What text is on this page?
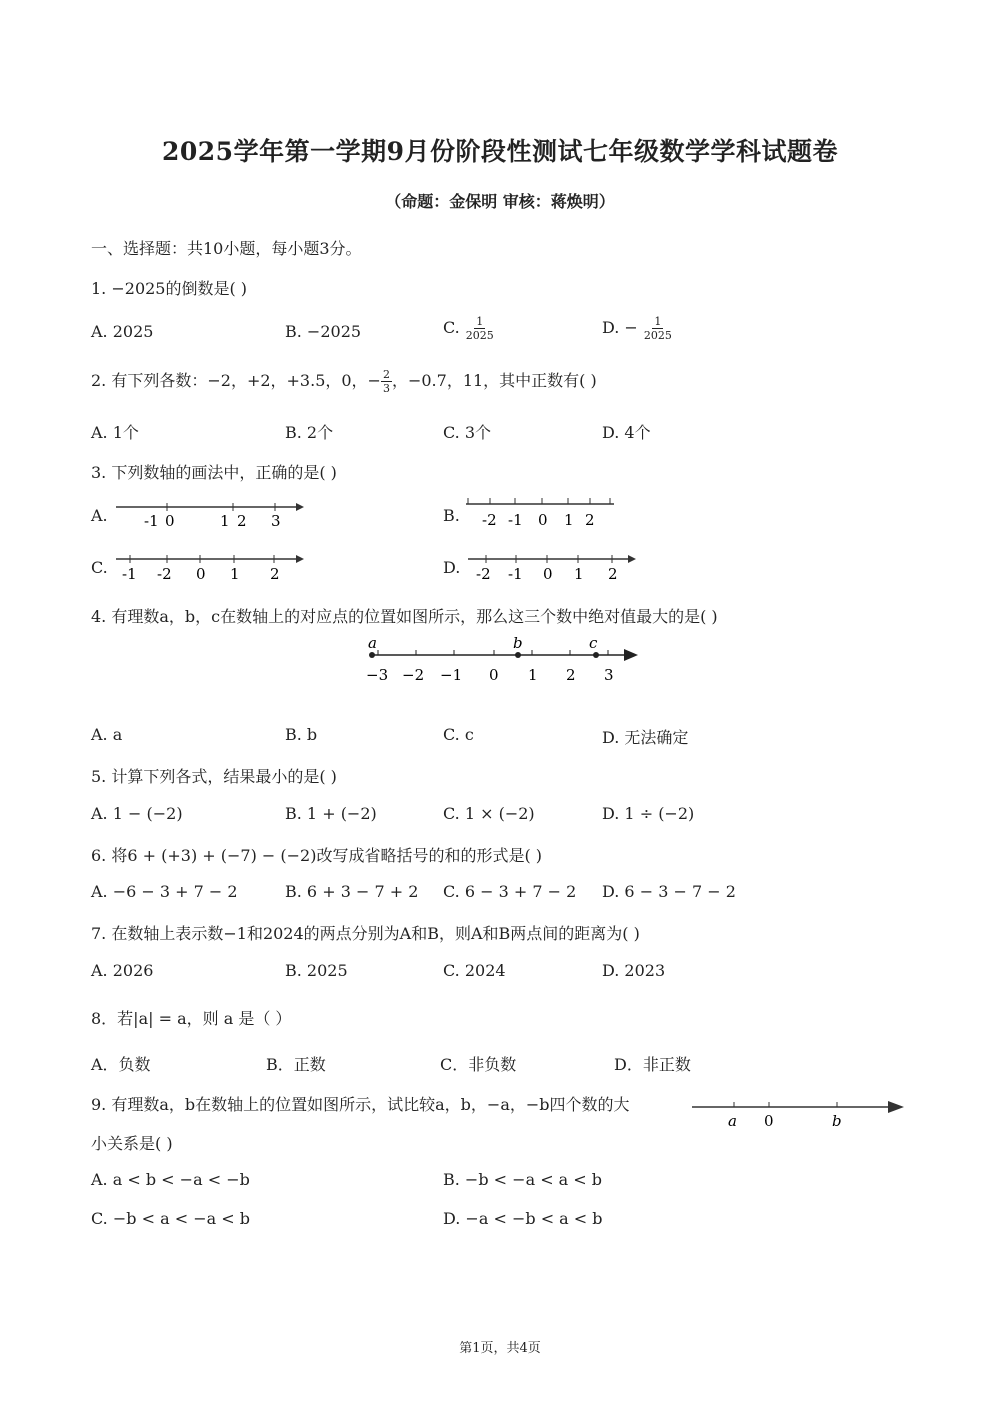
2025学年第一学期9月份阶段性测试七年级数学学科试题卷
（命题：金保明 审核：蒋焕明）
一、选择题：共10小题，每小题3分。
1. −2025的倒数是( )
A. 2025	B. −2025	C. $\frac{1}{2025}$	D. − $\frac{1}{2025}$
2. 有下列各数：−2，+2，+3.5，0，− $\frac{2}{3}$ ，−0.7，11，其中正数有( )
A. 1个	B. 2个	C. 3个	D. 4个
3. 下列数轴的画法中，正确的是( )
A.	B.
C.	D.
-1 0	1 2 3	-2 -1 0 1 2
-1 -2 0 1 2	-2 -1 0 1 2
4. 有理数a，b，c在数轴上的对应点的位置如图所示，那么这三个数中绝对值最大的是( )
a	b	c
−3 −2 −1 0 1 2 3
A. a	B. b	C. c	D. 无法确定
5. 计算下列各式，结果最小的是( )
A. 1 − (−2)	B. 1 + (−2)	C. 1 × (−2)	D. 1 ÷ (−2)
6. 将6 + (+3) + (−7) − (−2)改写成省略括号的和的形式是( )
A. −6 − 3 + 7 − 2	B. 6 + 3 − 7 + 2 C. 6 − 3 + 7 − 2 D. 6 − 3 − 7 − 2
7. 在数轴上表示数−1和2024的两点分别为A和B，则A和B两点间的距离为( )
A. 2026	B. 2025	C. 2024	D. 2023
8．若|a| = a，则 a 是（ ）
A．负数	B．正数	C．非负数	D．非正数
9. 有理数a，b在数轴上的位置如图所示，试比较a，b，−a，−b四个数的大
小关系是( )
a 0	b
A. a < b < −a < −b	B. −b < −a < a < b
C. −b < a < −a < b	D. −a < −b < a < b
第1页，共4页
